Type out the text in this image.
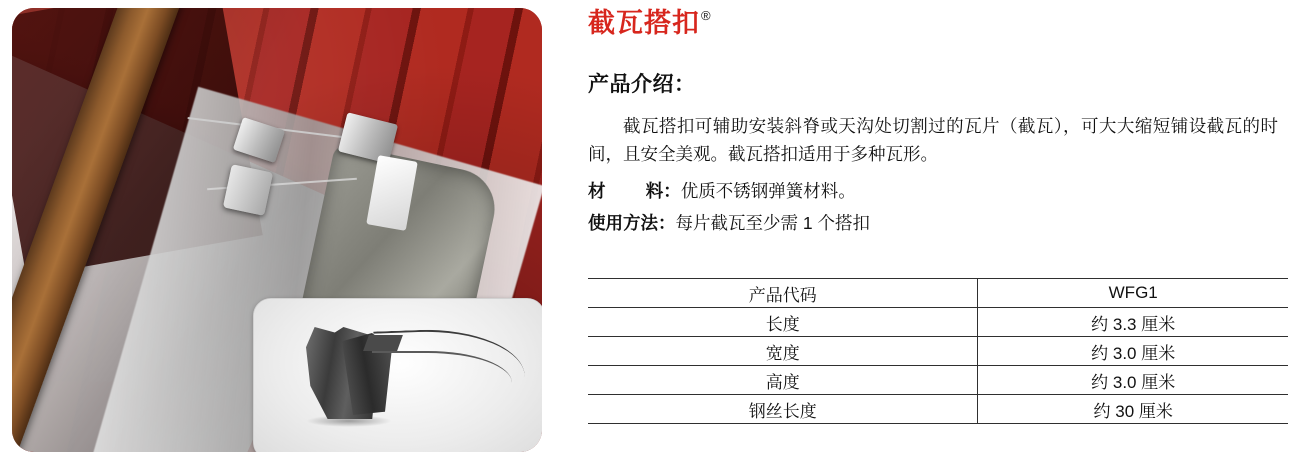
截瓦搭扣 ®
产品介绍：
截瓦搭扣可辅助安装斜脊或天沟处切割过的瓦片（截瓦），可大大缩短铺设截瓦的时间，且安全美观。截瓦搭扣适用于多种瓦形。
材 料：优质不锈钢弹簧材料。
使用方法：每片截瓦至少需 1 个搭扣
产品代码	WFG1
长度	约 3.3 厘米
宽度	约 3.0 厘米
高度	约 3.0 厘米
钢丝长度	约 30 厘米
